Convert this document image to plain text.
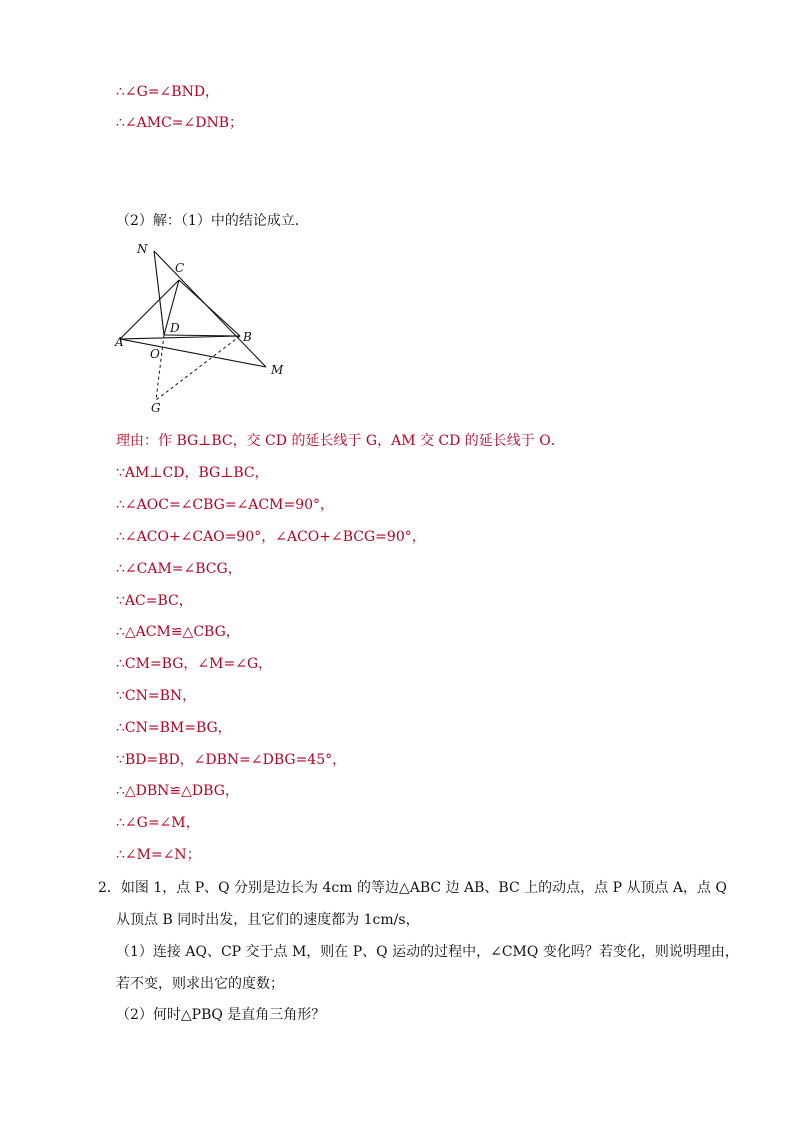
∴∠G=∠BND，
∴∠AMC=∠DNB；
（2）解：（1）中的结论成立．
N
C
D
A
O
B
M
G
理由：作 BG⊥BC，交 CD 的延长线于 G，AM 交 CD 的延长线于 O．
∵AM⊥CD，BG⊥BC，
∴∠AOC=∠CBG=∠ACM=90°，
∴∠ACO+∠CAO=90°，∠ACO+∠BCG=90°，
∴∠CAM=∠BCG，
∵AC=BC，
∴△ACM≌△CBG，
∴CM=BG，∠M=∠G，
∵CN=BN，
∴CN=BM=BG，
∵BD=BD，∠DBN=∠DBG=45°，
∴△DBN≌△DBG，
∴∠G=∠M，
∴∠M=∠N；
2．如图 1，点 P、Q 分别是边长为 4cm 的等边△ABC 边 AB、BC 上的动点，点 P 从顶点 A，点 Q
从顶点 B 同时出发，且它们的速度都为 1cm/s，
（1）连接 AQ、CP 交于点 M，则在 P、Q 运动的过程中，∠CMQ 变化吗？若变化，则说明理由，
若不变，则求出它的度数；
（2）何时△PBQ 是直角三角形？
